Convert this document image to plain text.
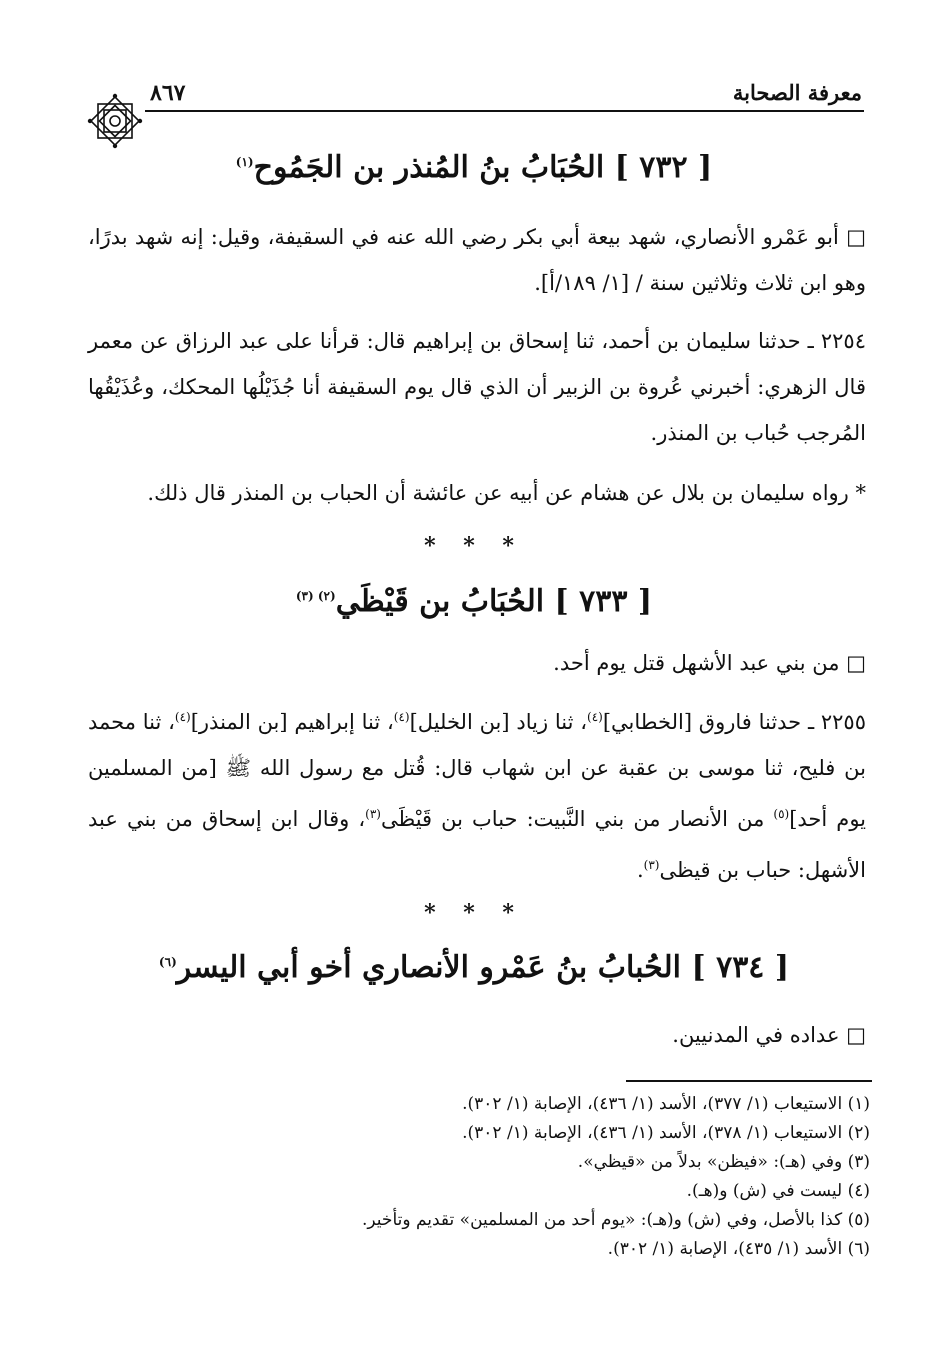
معرفة الصحابة
٨٦٧
[ ٧٣٢ ] الحُبَابُ بنُ المُنذر بن الجَمُوح$^{(١)}$
□ أبو عَمْرو الأنصاري، شهد بيعة أبي بكر رضي الله عنه في السقيفة، وقيل: إنه شهد بدرًا، وهو ابن ثلاث وثلاثين سنة / [١/ ١٨٩/أ].
٢٢٥٤ ـ حدثنا سليمان بن أحمد، ثنا إسحاق بن إبراهيم قال: قرأنا على عبد الرزاق عن معمر قال الزهري: أخبرني عُروة بن الزبير أن الذي قال يوم السقيفة أنا جُذَيْلُها المحكك، وعُذَيْقُها المُرجب حُباب بن المنذر.
* رواه سليمان بن بلال عن هشام عن أبيه عن عائشة أن الحباب بن المنذر قال ذلك.
* * *
[ ٧٣٣ ] الحُبَابُ بن قَيْظَي$^{(٢) (٣)}$
□ من بني عبد الأشهل قتل يوم أحد.
٢٢٥٥ ـ حدثنا فاروق [الخطابي]$^{(٤)}$، ثنا زياد [بن الخليل]$^{(٤)}$، ثنا إبراهيم [بن المنذر]$^{(٤)}$، ثنا محمد بن فليح، ثنا موسى بن عقبة عن ابن شهاب قال: قُتل مع رسول الله ﷺ [من المسلمين يوم أحد]$^{(٥)}$ من الأنصار من بني النَّبيت: حباب بن قَيْظَى$^{(٣)}$، وقال ابن إسحاق من بني عبد الأشهل: حباب بن قيظى$^{(٣)}$.
* * *
[ ٧٣٤ ] الحُبابُ بنُ عَمْرو الأنصاري أخو أبي اليسر$^{(٦)}$
□ عداده في المدنيين.
(١) الاستيعاب (١/ ٣٧٧)، الأسد (١/ ٤٣٦)، الإصابة (١/ ٣٠٢).
(٢) الاستيعاب (١/ ٣٧٨)، الأسد (١/ ٤٣٦)، الإصابة (١/ ٣٠٢).
(٣) وفي (هـ): «فيظن» بدلاً من «قيظي».
(٤) ليست في (ش) و(هـ).
(٥) كذا بالأصل، وفي (ش) و(هـ): «يوم أحد من المسلمين» تقديم وتأخير.
(٦) الأسد (١/ ٤٣٥)، الإصابة (١/ ٣٠٢).
